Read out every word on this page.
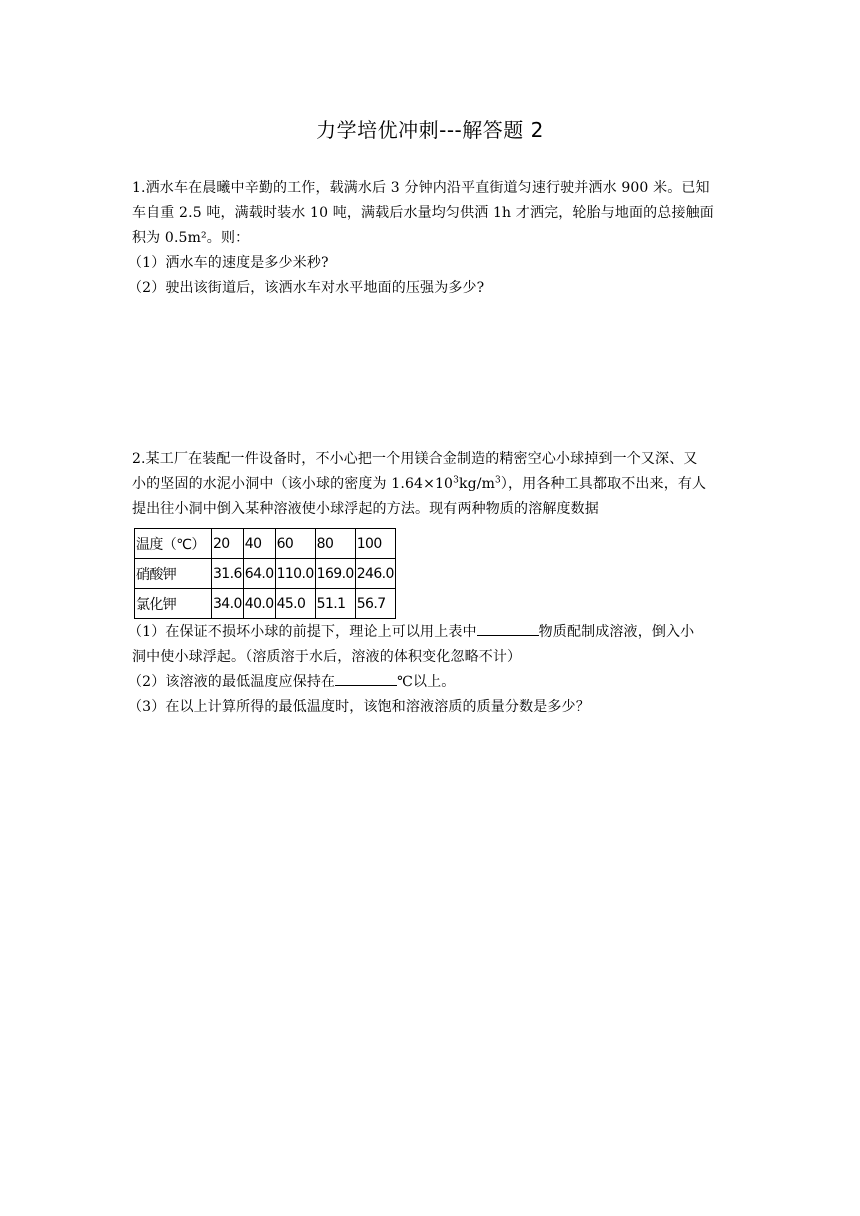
力学培优冲刺---解答题 2
1.洒水车在晨曦中辛勤的工作，载满水后 3 分钟内沿平直街道匀速行驶并洒水 900 米。已知
车自重 2.5 吨，满载时装水 10 吨，满载后水量均匀供洒 1h 才洒完，轮胎与地面的总接触面
积为 0.5m²。则：
（1）洒水车的速度是多少米秒?
（2）驶出该街道后，该洒水车对水平地面的压强为多少?
2.某工厂在装配一件设备时，不小心把一个用镁合金制造的精密空心小球掉到一个又深、又
小的坚固的水泥小洞中（该小球的密度为 $1.64\times 10^3kg/m^3$），用各种工具都取不出来，有人
提出往小洞中倒入某种溶液使小球浮起的方法。现有两种物质的溶解度数据
温度（℃）	20	40	60	80	100
硝酸钾	31.6	64.0	110.0	169.0	246.0
氯化钾	34.0	40.0	45.0	51.1	56.7
（1）在保证不损坏小球的前提下，理论上可以用上表中	物质配制成溶液，倒入小
洞中使小球浮起。（溶质溶于水后，溶液的体积变化忽略不计）
（2）该溶液的最低温度应保持在	℃以上。
（3）在以上计算所得的最低温度时，该饱和溶液溶质的质量分数是多少？
